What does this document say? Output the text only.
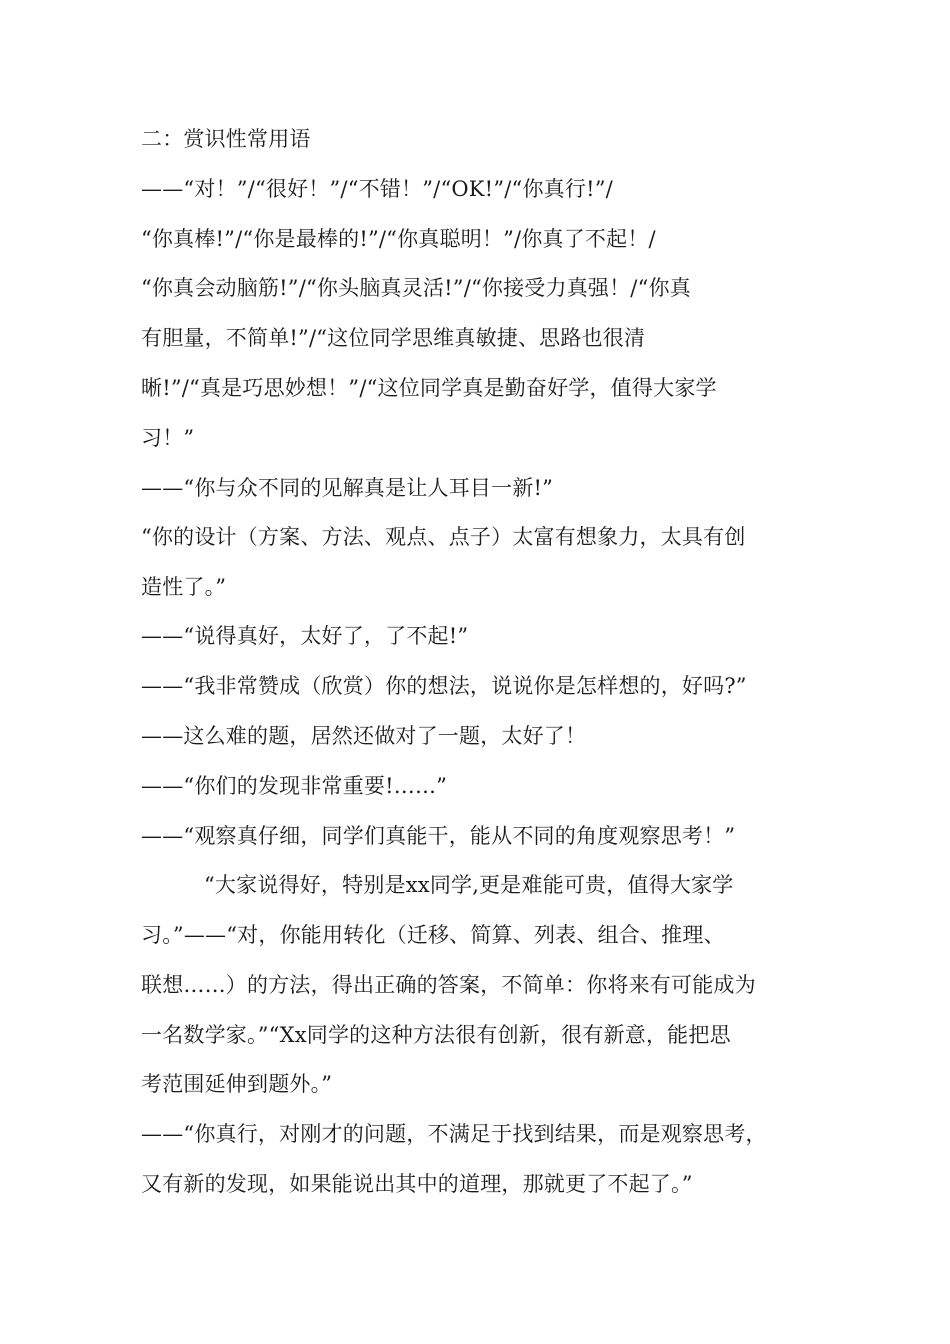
二：赏识性常用语
——“对！”/“很好！”/“不错！”/“OK!”/“你真行!”/
“你真棒!”/“你是最棒的!”/“你真聪明！”/你真了不起！/
“你真会动脑筋!”/“你头脑真灵活!”/“你接受力真强！/“你真
有胆量，不简单!”/“这位同学思维真敏捷、思路也很清
晰!”/“真是巧思妙想！”/“这位同学真是勤奋好学，值得大家学
习！”
——“你与众不同的见解真是让人耳目一新!”
“你的设计（方案、方法、观点、点子）太富有想象力，太具有创
造性了。”
——“说得真好，太好了，了不起!”
——“我非常赞成（欣赏）你的想法，说说你是怎样想的，好吗?”
——这么难的题，居然还做对了一题，太好了！
——“你们的发现非常重要!……”
——“观察真仔细，同学们真能干，能从不同的角度观察思考！”
“大家说得好，特别是xx同学,更是难能可贵，值得大家学
习。”——“对，你能用转化（迁移、简算、列表、组合、推理、
联想……）的方法，得出正确的答案，不简单：你将来有可能成为
一名数学家。”“Xx同学的这种方法很有创新，很有新意，能把思
考范围延伸到题外。”
——“你真行，对刚才的问题，不满足于找到结果，而是观察思考，
又有新的发现，如果能说出其中的道理，那就更了不起了。”
